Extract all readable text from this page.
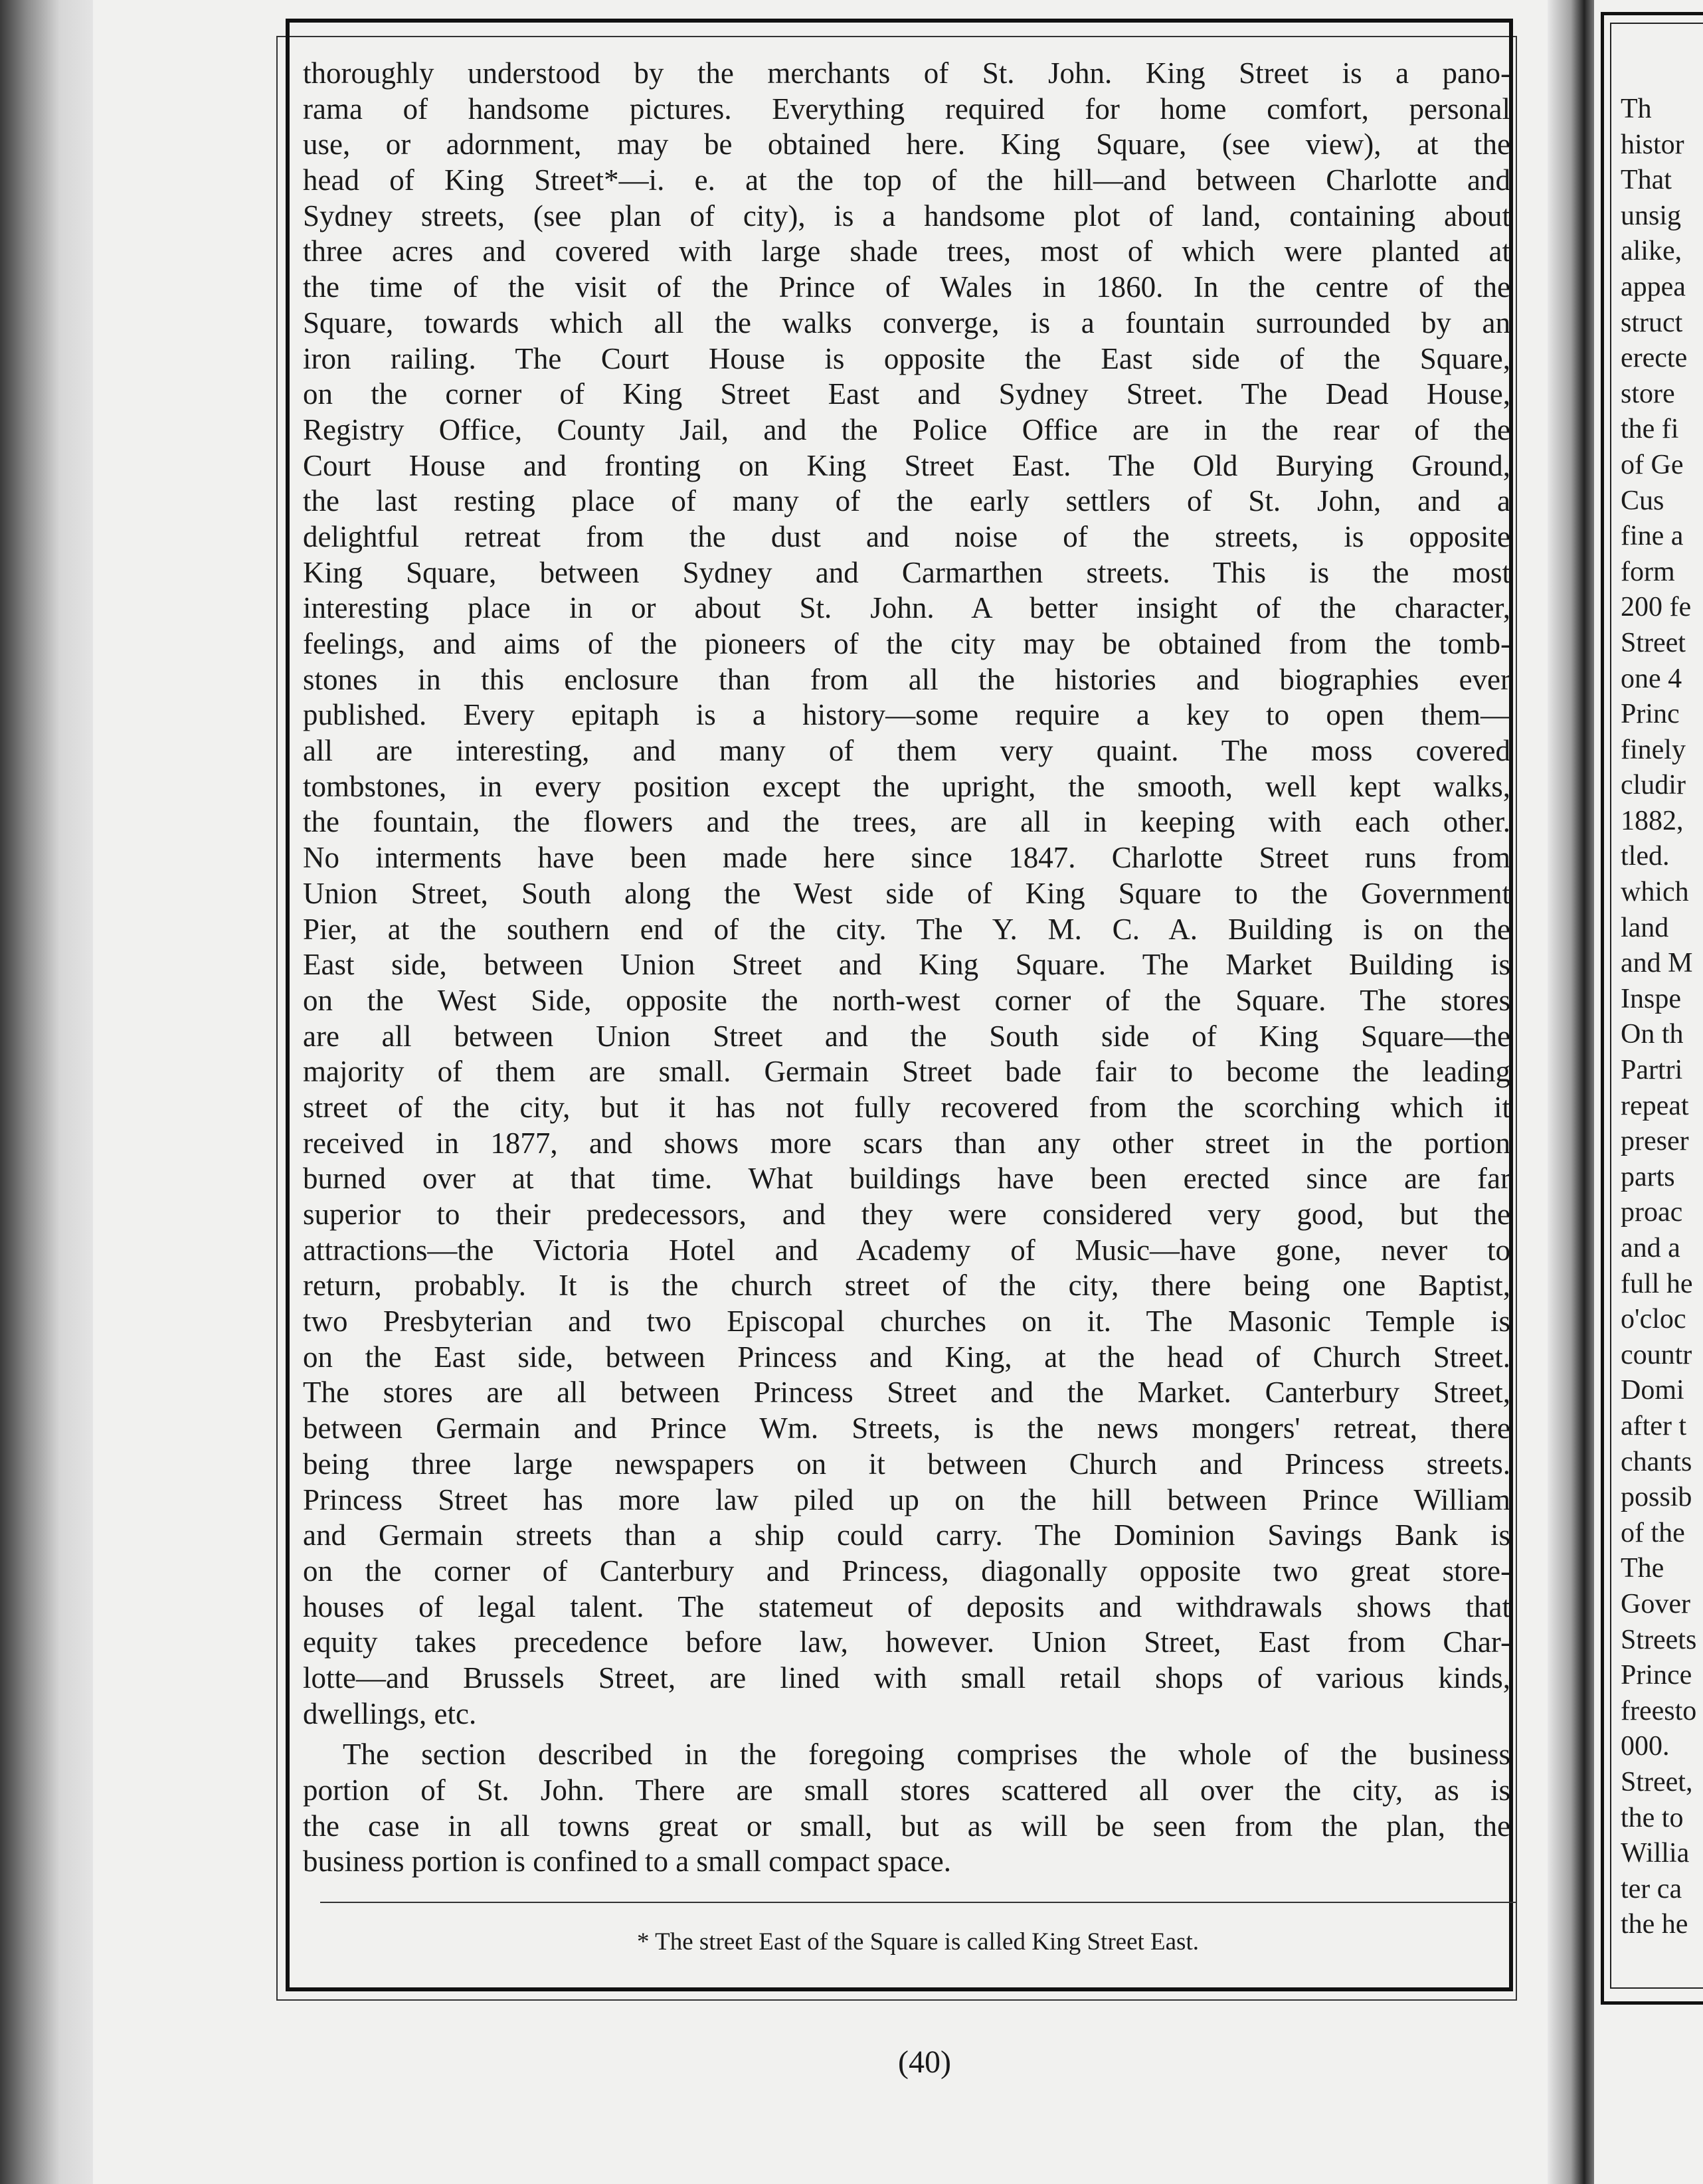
Th
histor
That
unsig
alike,
appea
struct
erecte
store
the fi
of Ge
Cus
fine a
form
200 fe
Street
one 4
Princ
finely
cludir
1882,
tled.
which
land
and M
Inspe
On th
Partri
repeat
preser
parts
proac
and a
full he
o'cloc
countr
Domi
after t
chants
possib
of the
The
Gover
Streets
Prince
freesto
000.
Street,
the to
Willia
ter ca
the he
thoroughly understood by the merchants of St. John. King Street is a pano-
rama of handsome pictures. Everything required for home comfort, personal
use, or adornment, may be obtained here. King Square, (see view), at the
head of King Street*—i. e. at the top of the hill—and between Charlotte and
Sydney streets, (see plan of city), is a handsome plot of land, containing about
three acres and covered with large shade trees, most of which were planted at
the time of the visit of the Prince of Wales in 1860. In the centre of the
Square, towards which all the walks converge, is a fountain surrounded by an
iron railing. The Court House is opposite the East side of the Square,
on the corner of King Street East and Sydney Street. The Dead House,
Registry Office, County Jail, and the Police Office are in the rear of the
Court House and fronting on King Street East. The Old Burying Ground,
the last resting place of many of the early settlers of St. John, and a
delightful retreat from the dust and noise of the streets, is opposite
King Square, between Sydney and Carmarthen streets. This is the most
interesting place in or about St. John. A better insight of the character,
feelings, and aims of the pioneers of the city may be obtained from the tomb-
stones in this enclosure than from all the histories and biographies ever
published. Every epitaph is a history—some require a key to open them—
all are interesting, and many of them very quaint. The moss covered
tombstones, in every position except the upright, the smooth, well kept walks,
the fountain, the flowers and the trees, are all in keeping with each other.
No interments have been made here since 1847. Charlotte Street runs from
Union Street, South along the West side of King Square to the Government
Pier, at the southern end of the city. The Y. M. C. A. Building is on the
East side, between Union Street and King Square. The Market Building is
on the West Side, opposite the north-west corner of the Square. The stores
are all between Union Street and the South side of King Square—the
majority of them are small. Germain Street bade fair to become the leading
street of the city, but it has not fully recovered from the scorching which it
received in 1877, and shows more scars than any other street in the portion
burned over at that time. What buildings have been erected since are far
superior to their predecessors, and they were considered very good, but the
attractions—the Victoria Hotel and Academy of Music—have gone, never to
return, probably. It is the church street of the city, there being one Baptist,
two Presbyterian and two Episcopal churches on it. The Masonic Temple is
on the East side, between Princess and King, at the head of Church Street.
The stores are all between Princess Street and the Market. Canterbury Street,
between Germain and Prince Wm. Streets, is the news mongers' retreat, there
being three large newspapers on it between Church and Princess streets.
Princess Street has more law piled up on the hill between Prince William
and Germain streets than a ship could carry. The Dominion Savings Bank is
on the corner of Canterbury and Princess, diagonally opposite two great store-
houses of legal talent. The statemeut of deposits and withdrawals shows that
equity takes precedence before law, however. Union Street, East from Char-
lotte—and Brussels Street, are lined with small retail shops of various kinds,
dwellings, etc.
The section described in the foregoing comprises the whole of the business
portion of St. John. There are small stores scattered all over the city, as is
the case in all towns great or small, but as will be seen from the plan, the
business portion is confined to a small compact space.
* The street East of the Square is called King Street East.
(40)
